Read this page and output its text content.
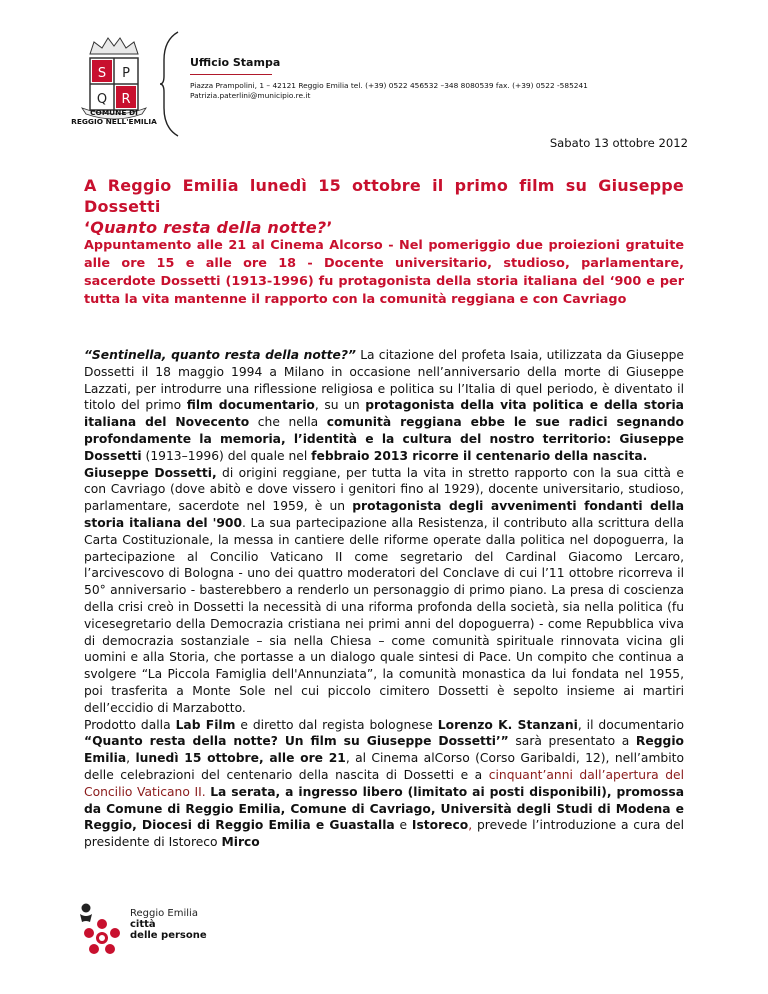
S P
Q R
COMUNE DI
REGGIO NELL'EMILIA
Ufficio Stampa
Piazza Prampolini, 1 – 42121 Reggio Emilia tel. (+39) 0522 456532 –348 8080539 fax. (+39) 0522 -585241
Patrizia.paterlini@municipio.re.it
Sabato 13 ottobre 2012
A Reggio Emilia lunedì 15 ottobre il primo film su Giuseppe Dossetti
‘Quanto resta della notte?’
Appuntamento alle 21 al Cinema Alcorso - Nel pomeriggio due proiezioni gratuite alle ore 15 e alle ore 18 - Docente universitario, studioso, parlamentare, sacerdote Dossetti (1913-1996) fu protagonista della storia italiana del ‘900 e per tutta la vita mantenne il rapporto con la comunità reggiana e con Cavriago

“Sentinella, quanto resta della notte?” La citazione del profeta Isaia, utilizzata da Giuseppe Dossetti il 18 maggio 1994 a Milano in occasione nell’anniversario della morte di Giuseppe Lazzati, per introdurre una riflessione religiosa e politica su l’Italia di quel periodo, è diventato il titolo del primo film documentario, su un protagonista della vita politica e della storia italiana del Novecento che nella comunità reggiana ebbe le sue radici segnando profondamente la memoria, l’identità e la cultura del nostro territorio: Giuseppe Dossetti (1913–1996) del quale nel febbraio 2013 ricorre il centenario della nascita.

Giuseppe Dossetti, di origini reggiane, per tutta la vita in stretto rapporto con la sua città e con Cavriago (dove abitò e dove vissero i genitori fino al 1929), docente universitario, studioso, parlamentare, sacerdote nel 1959, è un protagonista degli avvenimenti fondanti della storia italiana del '900. La sua partecipazione alla Resistenza, il contributo alla scrittura della Carta Costituzionale, la messa in cantiere delle riforme operate dalla politica nel dopoguerra, la partecipazione al Concilio Vaticano II come segretario del Cardinal Giacomo Lercaro, l’arcivescovo di Bologna - uno dei quattro moderatori del Conclave di cui l’11 ottobre ricorreva il 50° anniversario - basterebbero a renderlo un personaggio di primo piano. La presa di coscienza della crisi creò in Dossetti la necessità di una riforma profonda della società, sia nella politica (fu vicesegretario della Democrazia cristiana nei primi anni del dopoguerra) - come Repubblica viva di democrazia sostanziale – sia nella Chiesa – come comunità spirituale rinnovata vicina gli uomini e alla Storia, che portasse a un dialogo quale sintesi di Pace. Un compito che continua a svolgere “La Piccola Famiglia dell'Annunziata”, la comunità monastica da lui fondata nel 1955, poi trasferita a Monte Sole nel cui piccolo cimitero Dossetti è sepolto insieme ai martiri dell’eccidio di Marzabotto.

Prodotto dalla Lab Film e diretto dal regista bolognese Lorenzo K. Stanzani, il documentario “Quanto resta della notte? Un film su Giuseppe Dossetti’” sarà presentato a Reggio Emilia, lunedì 15 ottobre, alle ore 21, al Cinema alCorso (Corso Garibaldi, 12), nell’ambito delle celebrazioni del centenario della nascita di Dossetti e a cinquant’anni dall’apertura del Concilio Vaticano II. La serata, a ingresso libero (limitato ai posti disponibili), promossa da Comune di Reggio Emilia, Comune di Cavriago, Università degli Studi di Modena e Reggio, Diocesi di Reggio Emilia e Guastalla e Istoreco, prevede l’introduzione a cura del presidente di Istoreco Mirco

Reggio Emilia
città
delle persone
